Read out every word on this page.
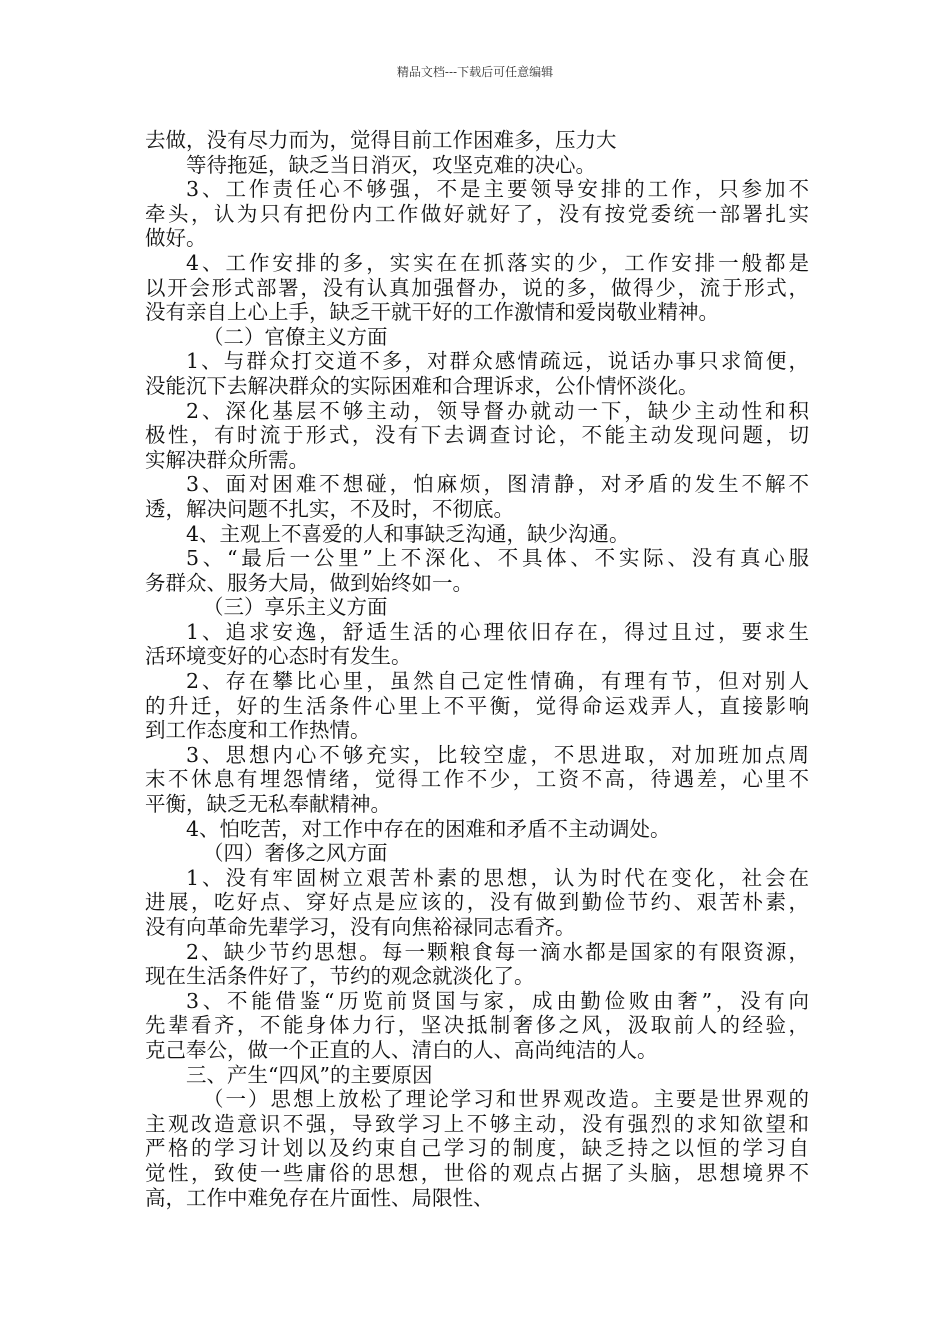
精品文档---下载后可任意编辑
去做，没有尽力而为，觉得目前工作困难多，压力大
等待拖延，缺乏当日消灭，攻坚克难的决心。
3、工作责任心不够强，不是主要领导安排的工作，只参加不
牵头，认为只有把份内工作做好就好了，没有按党委统一部署扎实
做好。
4、工作安排的多，实实在在抓落实的少，工作安排一般都是
以开会形式部署，没有认真加强督办，说的多，做得少，流于形式，
没有亲自上心上手，缺乏干就干好的工作激情和爱岗敬业精神。
（二）官僚主义方面
1、与群众打交道不多，对群众感情疏远，说话办事只求简便，
没能沉下去解决群众的实际困难和合理诉求，公仆情怀淡化。
2、深化基层不够主动，领导督办就动一下，缺少主动性和积
极性，有时流于形式，没有下去调查讨论，不能主动发现问题，切
实解决群众所需。
3、面对困难不想碰，怕麻烦，图清静，对矛盾的发生不解不
透，解决问题不扎实，不及时，不彻底。
4、主观上不喜爱的人和事缺乏沟通，缺少沟通。
5、“最后一公里”上不深化、不具体、不实际、没有真心服
务群众、服务大局，做到始终如一。
（三）享乐主义方面
1、追求安逸，舒适生活的心理依旧存在，得过且过，要求生
活环境变好的心态时有发生。
2、存在攀比心里，虽然自己定性情确，有理有节，但对别人
的升迁，好的生活条件心里上不平衡，觉得命运戏弄人，直接影响
到工作态度和工作热情。
3、思想内心不够充实，比较空虚，不思进取，对加班加点周
末不休息有埋怨情绪，觉得工作不少，工资不高，待遇差，心里不
平衡，缺乏无私奉献精神。
4、怕吃苦，对工作中存在的困难和矛盾不主动调处。
（四）奢侈之风方面
1、没有牢固树立艰苦朴素的思想，认为时代在变化，社会在
进展，吃好点、穿好点是应该的，没有做到勤俭节约、艰苦朴素，
没有向革命先辈学习，没有向焦裕禄同志看齐。
2、缺少节约思想。每一颗粮食每一滴水都是国家的有限资源，
现在生活条件好了，节约的观念就淡化了。
3、不能借鉴“历览前贤国与家，成由勤俭败由奢”，没有向
先辈看齐，不能身体力行，坚决抵制奢侈之风，汲取前人的经验，
克己奉公，做一个正直的人、清白的人、高尚纯洁的人。
三、产生“四风”的主要原因
（一）思想上放松了理论学习和世界观改造。主要是世界观的
主观改造意识不强，导致学习上不够主动，没有强烈的求知欲望和
严格的学习计划以及约束自己学习的制度，缺乏持之以恒的学习自
觉性，致使一些庸俗的思想，世俗的观点占据了头脑，思想境界不
高，工作中难免存在片面性、局限性、
